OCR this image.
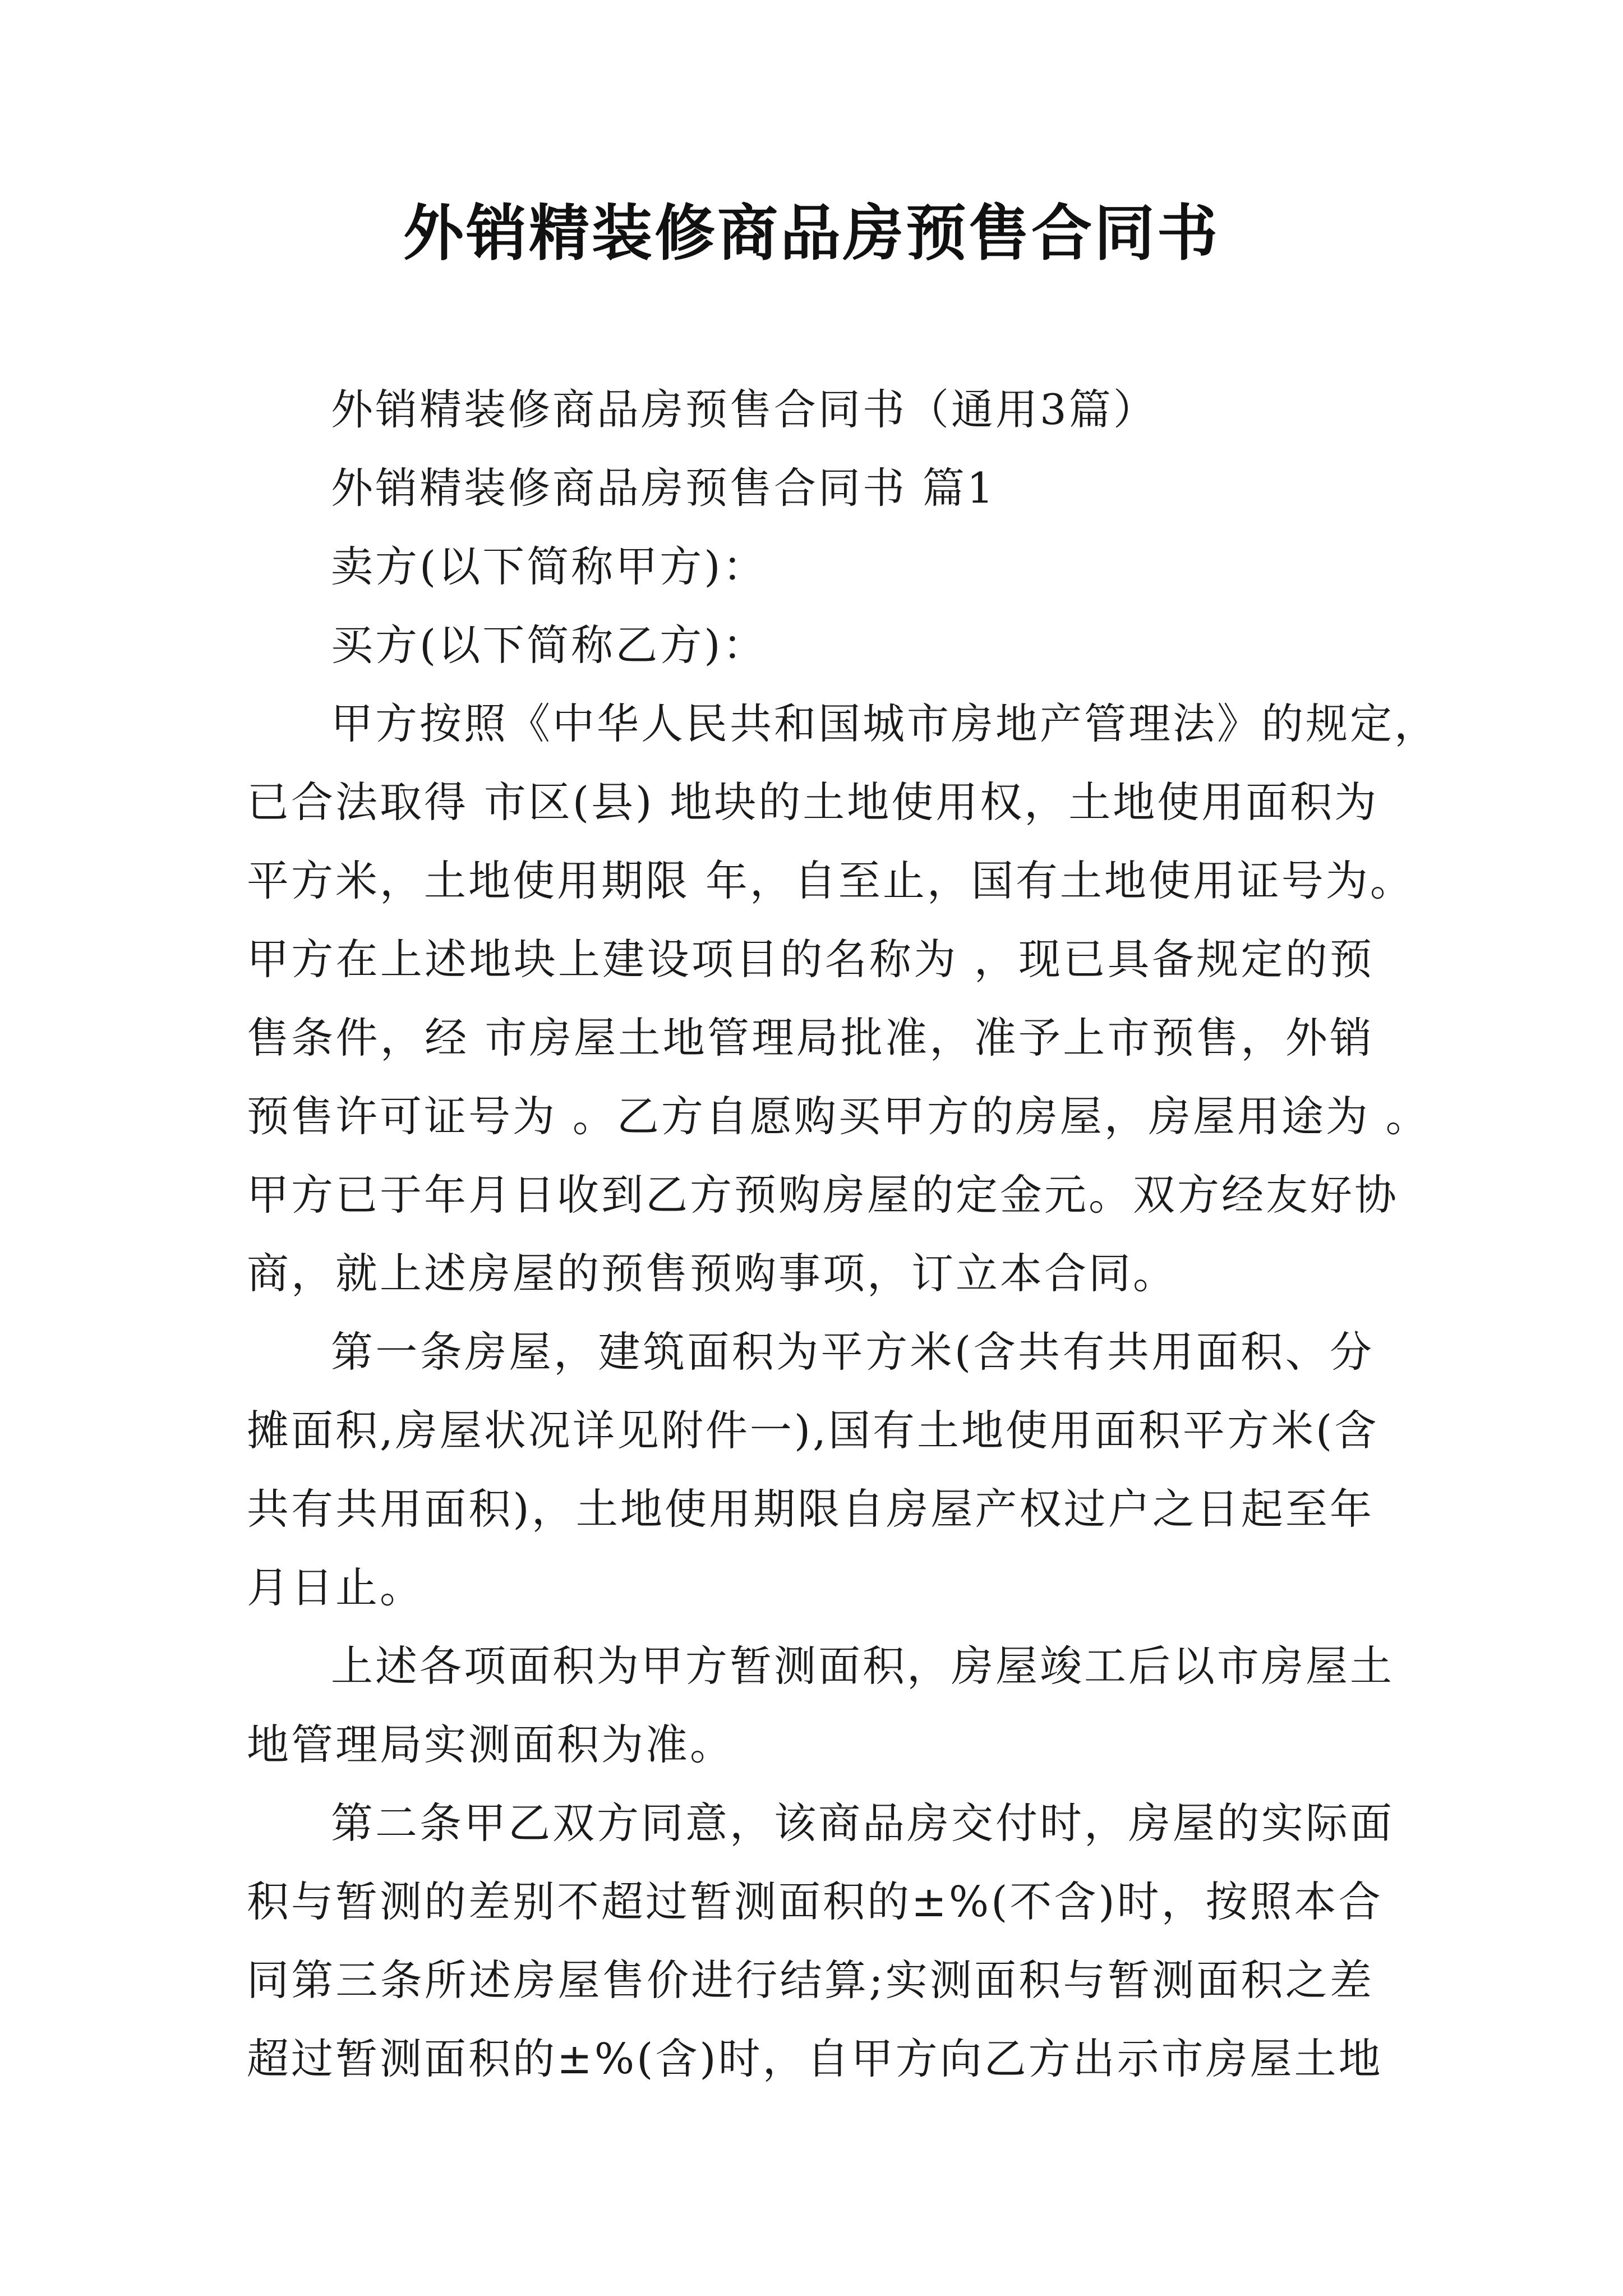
外销精装修商品房预售合同书
外销精装修商品房预售合同书（通用3篇）
外销精装修商品房预售合同书 篇1
卖方(以下简称甲方)：
买方(以下简称乙方)：
甲方按照《中华人民共和国城市房地产管理法》的规定，
已合法取得 市区(县) 地块的土地使用权，土地使用面积为
平方米，土地使用期限 年，自至止，国有土地使用证号为。
甲方在上述地块上建设项目的名称为 ，现已具备规定的预
售条件，经 市房屋土地管理局批准，准予上市预售，外销
预售许可证号为 。乙方自愿购买甲方的房屋，房屋用途为 。
甲方已于年月日收到乙方预购房屋的定金元。双方经友好协
商，就上述房屋的预售预购事项，订立本合同。
第一条房屋，建筑面积为平方米(含共有共用面积、分
摊面积,房屋状况详见附件一),国有土地使用面积平方米(含
共有共用面积)，土地使用期限自房屋产权过户之日起至年
月日止。
上述各项面积为甲方暂测面积，房屋竣工后以市房屋土
地管理局实测面积为准。
第二条甲乙双方同意，该商品房交付时，房屋的实际面
积与暂测的差别不超过暂测面积的±%(不含)时，按照本合
同第三条所述房屋售价进行结算;实测面积与暂测面积之差
超过暂测面积的±%(含)时，自甲方向乙方出示市房屋土地
